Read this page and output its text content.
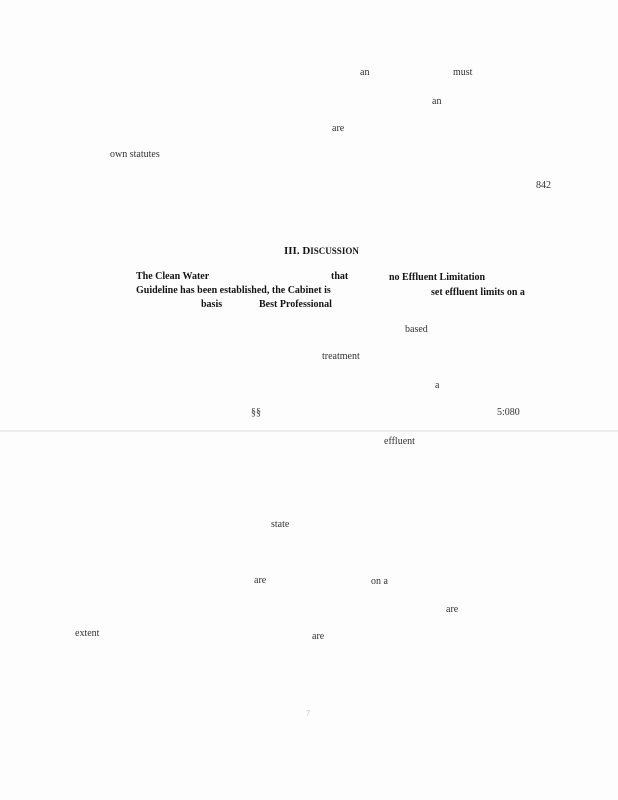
an	must
an
are
own statutes
842
III. DISCUSSION
The Clean Water	that	no Effluent Limitation
Guideline has been established, the Cabinet is	set effluent limits on a
basis	Best Professional
based
treatment
a
§§	5:080
effluent
state
are	on a
are
extent	are
7
